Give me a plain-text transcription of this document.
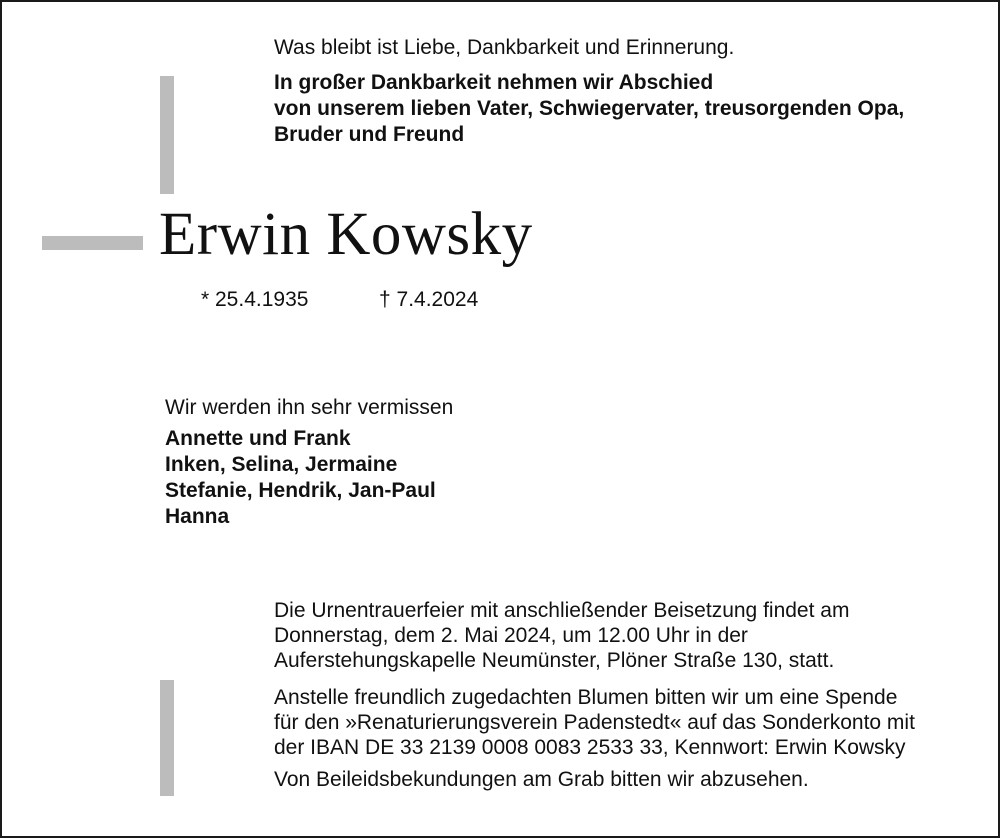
Was bleibt ist Liebe, Dankbarkeit und Erinnerung.
In großer Dankbarkeit nehmen wir Abschied
von unserem lieben Vater, Schwiegervater, treusorgenden Opa,
Bruder und Freund
Erwin Kowsky
* 25.4.1935	† 7.4.2024
Wir werden ihn sehr vermissen
Annette und Frank
Inken, Selina, Jermaine
Stefanie, Hendrik, Jan-Paul
Hanna
Die Urnentrauerfeier mit anschließender Beisetzung findet am
Donnerstag, dem 2. Mai 2024, um 12.00 Uhr in der
Auferstehungskapelle Neumünster, Plöner Straße 130, statt.
Anstelle freundlich zugedachten Blumen bitten wir um eine Spende
für den »Renaturierungsverein Padenstedt« auf das Sonderkonto mit
der IBAN DE 33 2139 0008 0083 2533 33, Kennwort: Erwin Kowsky
Von Beileidsbekundungen am Grab bitten wir abzusehen.
